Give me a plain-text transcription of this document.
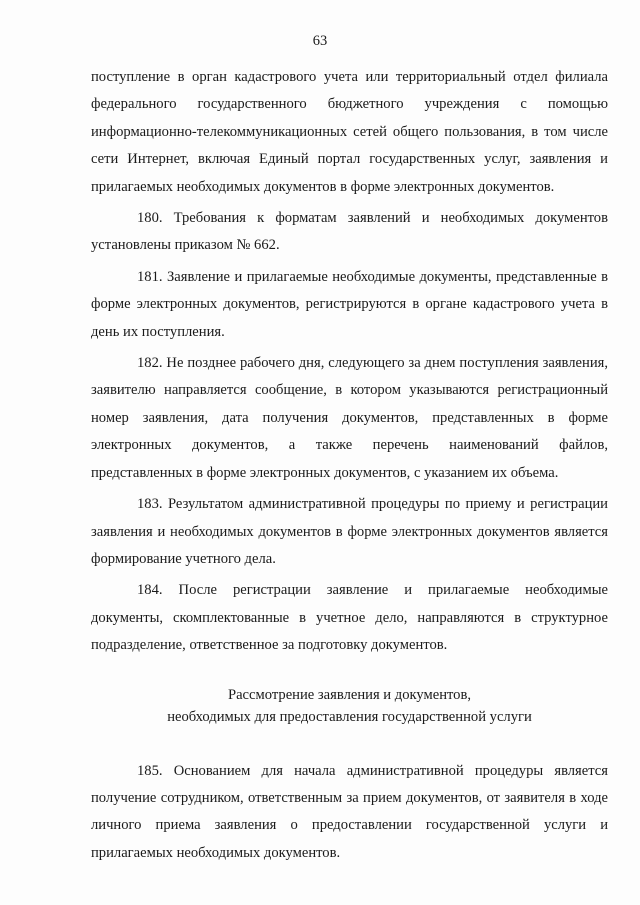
63

поступление в орган кадастрового учета или территориальный отдел филиала федерального государственного бюджетного учреждения с помощью информационно-телекоммуникационных сетей общего пользования, в том числе сети Интернет, включая Единый портал государственных услуг, заявления и прилагаемых необходимых документов в форме электронных документов.

180. Требования к форматам заявлений и необходимых документов установлены приказом № 662.

181. Заявление и прилагаемые необходимые документы, представленные в форме электронных документов, регистрируются в органе кадастрового учета в день их поступления.

182. Не позднее рабочего дня, следующего за днем поступления заявления, заявителю направляется сообщение, в котором указываются регистрационный номер заявления, дата получения документов, представленных в форме электронных документов, а также перечень наименований файлов, представленных в форме электронных документов, с указанием их объема.

183. Результатом административной процедуры по приему и регистрации заявления и необходимых документов в форме электронных документов является формирование учетного дела.

184. После регистрации заявление и прилагаемые необходимые документы, скомплектованные в учетное дело, направляются в структурное подразделение, ответственное за подготовку документов.

Рассмотрение заявления и документов,
необходимых для предоставления государственной услуги

185. Основанием для начала административной процедуры является получение сотрудником, ответственным за прием документов, от заявителя в ходе личного приема заявления о предоставлении государственной услуги и прилагаемых необходимых документов.
